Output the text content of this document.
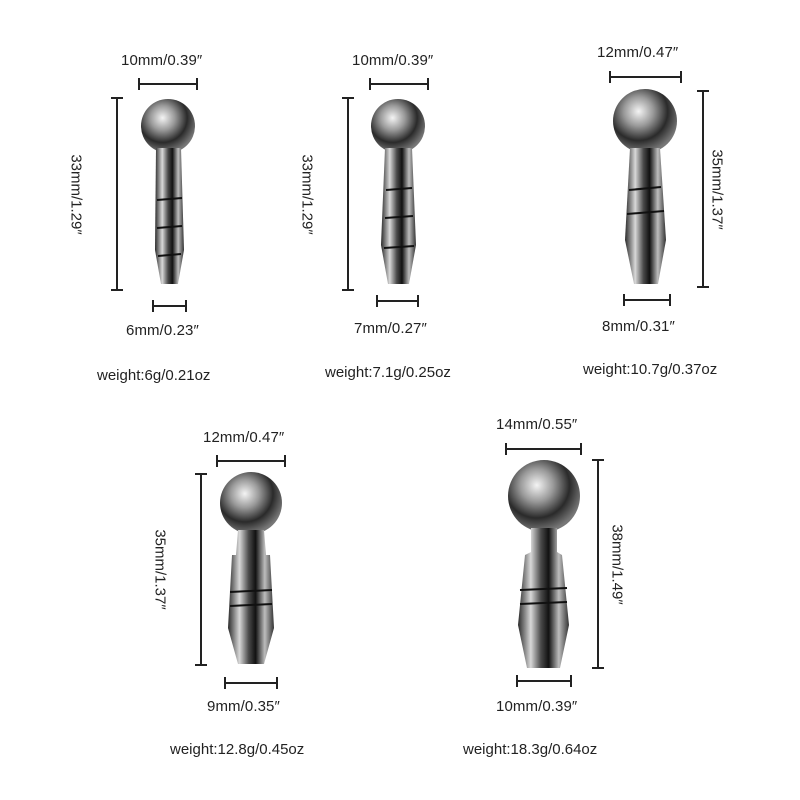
10mm/0.39″
33mm/1.29″
6mm/0.23″
weight:6g/0.21oz
10mm/0.39″
33mm/1.29″
7mm/0.27″
weight:7.1g/0.25oz
12mm/0.47″
35mm/1.37″
8mm/0.31″
weight:10.7g/0.37oz
12mm/0.47″
35mm/1.37″
9mm/0.35″
weight:12.8g/0.45oz
14mm/0.55″
38mm/1.49″
10mm/0.39″
weight:18.3g/0.64oz
